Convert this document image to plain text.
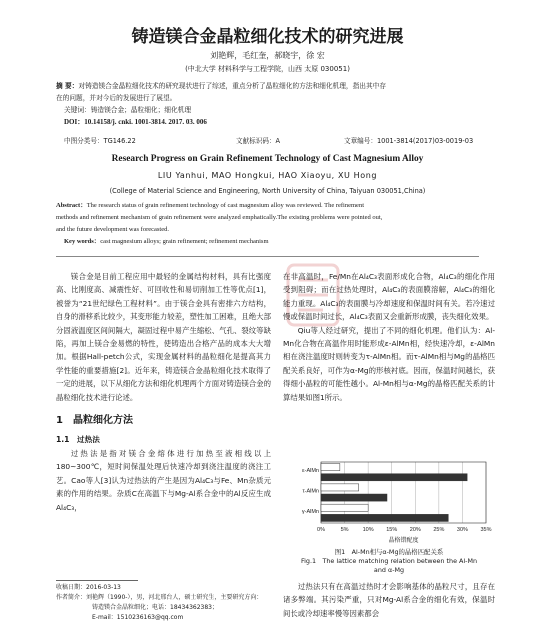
铸造镁合金晶粒细化技术的研究进展
刘艳辉，毛红奎，郝晓宇，徐 宏
(中北大学 材料科学与工程学院，山西 太原 030051)
摘 要：对铸造镁合金晶粒细化技术的研究现状进行了综述，重点分析了晶粒细化的方法和细化机理，指出其中存
在的问题，并对今后的发展进行了展望。
关键词：铸造镁合金；晶粒细化；细化机理
DOI：10.14158/j. cnki. 1001-3814. 2017. 03. 006
中图分类号：TG146.22	文献标识码：A	文章编号：1001-3814(2017)03-0019-03
Research Progress on Grain Refinement Technology of Cast Magnesium Alloy
LIU Yanhui, MAO Hongkui, HAO Xiaoyu, XU Hong
(College of Material Science and Engineering, North University of China, Taiyuan 030051,China)
Abstract：The research status of grain refinement technology of cast magnesium alloy was reviewed. The refinement
methods and refinement mechanism of grain refinement were analyzed emphatically.The existing problems were pointed out,
and the future development was forecasted.
Key words：cast magnesium alloys; grain refinement; refinement mechanism

镁合金是目前工程应用中最轻的金属结构材料，具有比强度高、比刚度高、减震性好、可回收性和易切削加工性等优点[1]，被誉为“21世纪绿色工程材料”。由于镁合金具有密排六方结构，自身的滑移系比较少，其变形能力较差，塑性加工困难，且绝大部分固液温度区间间隔大，凝固过程中易产生缩松、气孔、裂纹等缺陷，再加上镁合金易燃的特性，使铸造出合格产品的成本大大增加。根据Hall-petch公式，实现金属材料的晶粒细化是提高其力学性能的重要措施[2]。近年来，铸造镁合金晶粒细化技术取得了一定的进展，以下从细化方法和细化机理两个方面对铸造镁合金的晶粒细化技术进行论述。

1　晶粒细化方法
1.1　过热法

过热法是指对镁合金熔体进行加热至液相线以上180~300℃，短时间保温处理后快速冷却到浇注温度的浇注工艺。Cao等人[3]认为过热法的产生是因为Al₄C₃与Fe、Mn杂质元素的作用的结果。杂质C在高温下与Mg-Al系合金中的Al反应生成Al₄C₃，

在非高温时，Fe/Mn在Al₄C₃表面形成化合物，Al₄C₃的细化作用受到阻碍；而在过热处理时，Al₄C₃的表面膜溶解，Al₄C₃的细化能力重现。Al₄C₃的表面膜与冷却速度和保温时间有关。若冷速过慢或保温时间过长，Al₄C₃表面又会重新形成膜，丧失细化效果。

Qiu等人经过研究，提出了不同的细化机理。他们认为：Al-Mn化合物在高温作用时能形成ε-AlMn相，经快速冷却，ε-AlMn相在浇注温度时则转变为τ-AlMn相。而τ-AlMn相与Mg的晶格匹配关系良好，可作为α-Mg的形核衬底。因而，保温时间越长，获得细小晶粒的可能性越小。Al-Mn相与α-Mg的晶格匹配关系的计算结果如图1所示。

0%	5%	10% 15% 20% 25% 30% 35%
ε-AlMn
τ-AlMn
γ-AlMn
晶格错配度
图1　Al-Mn相与α-Mg的晶格匹配关系
Fig.1　The lattice matching relation between the Al-Mn
and α-Mg

过热法只有在高温过热时才会影响基体的晶粒尺寸，且存在诸多弊端。其污染严重，只对Mg-Al系合金的细化有效，保温时间长或冷却速率慢等因素都会

收稿日期：2016-03-13
作者简介：刘艳辉（1990-），男，河北邢台人，硕士研究生，主要研究方向：
铸造镁合金晶粒细化；电话：18434362383；
E-mail：1510236163@qq.com
